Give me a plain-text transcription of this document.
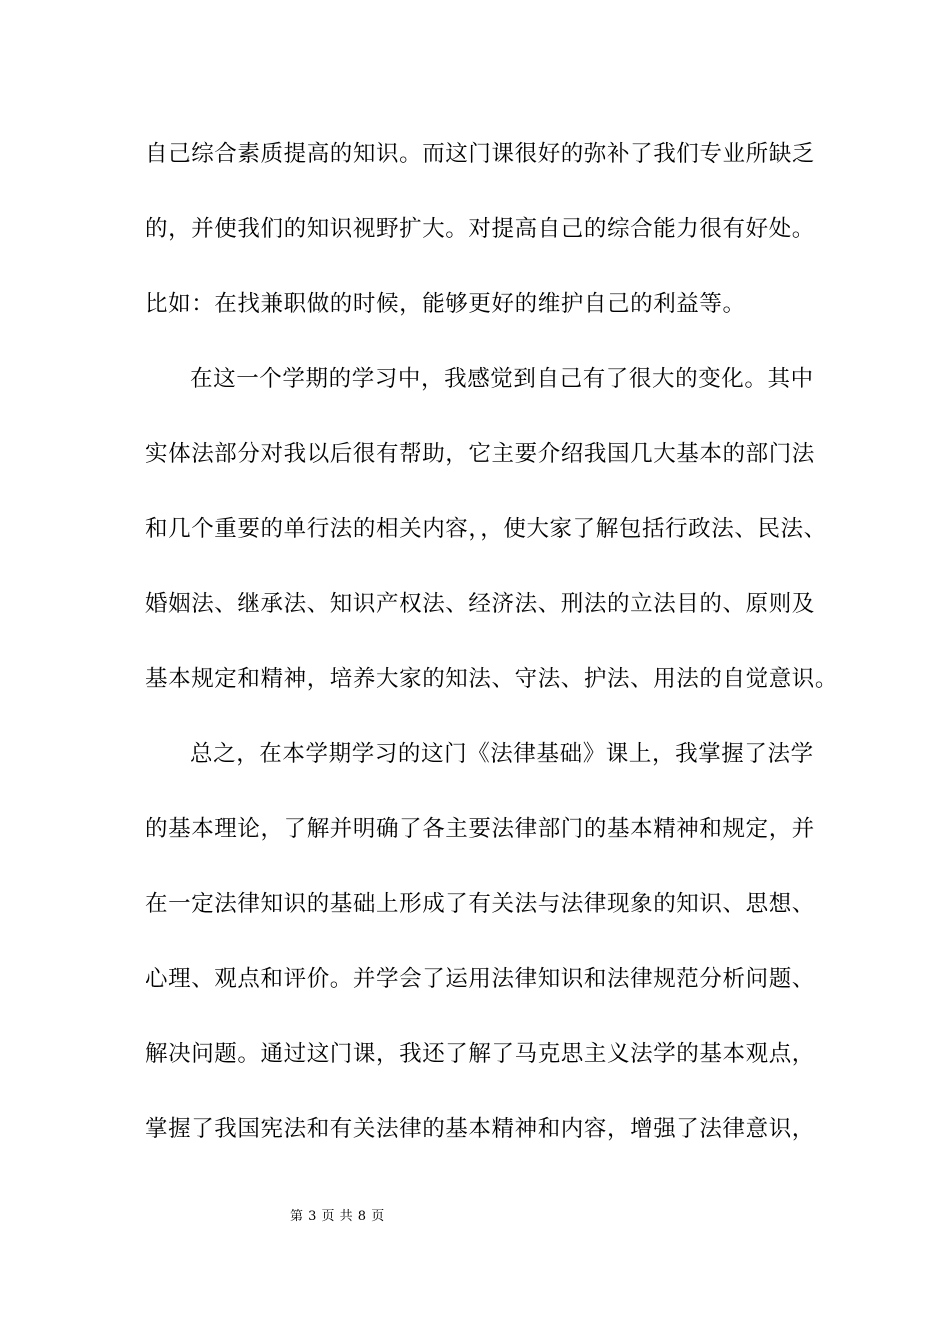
自己综合素质提高的知识。而这门课很好的弥补了我们专业所缺乏
的，并使我们的知识视野扩大。对提高自己的综合能力很有好处。
比如：在找兼职做的时候，能够更好的维护自己的利益等。
在这一个学期的学习中，我感觉到自己有了很大的变化。其中
实体法部分对我以后很有帮助，它主要介绍我国几大基本的部门法
和几个重要的单行法的相关内容，，使大家了解包括行政法、民法、
婚姻法、继承法、知识产权法、经济法、刑法的立法目的、原则及
基本规定和精神，培养大家的知法、守法、护法、用法的自觉意识。
总之，在本学期学习的这门《法律基础》课上，我掌握了法学
的基本理论，了解并明确了各主要法律部门的基本精神和规定，并
在一定法律知识的基础上形成了有关法与法律现象的知识、思想、
心理、观点和评价。并学会了运用法律知识和法律规范分析问题、
解决问题。通过这门课，我还了解了马克思主义法学的基本观点，
掌握了我国宪法和有关法律的基本精神和内容，增强了法律意识，
第 3 页 共 8 页
